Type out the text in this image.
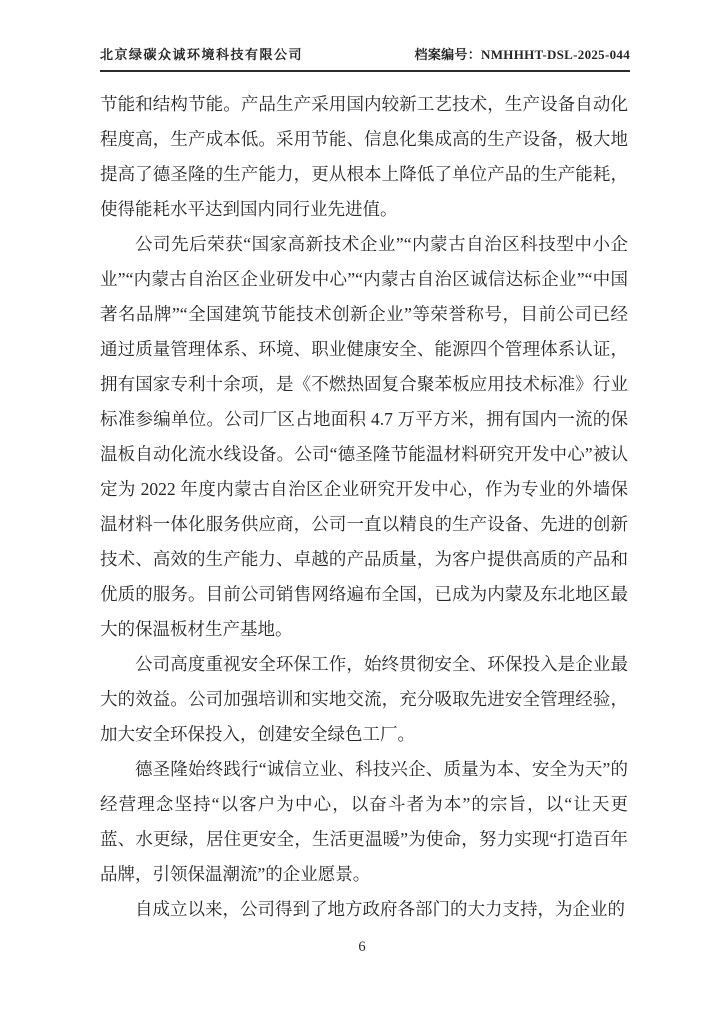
北京绿碳众诚环境科技有限公司	档案编号：NMHHHT-DSL-2025-044

节能和结构节能。产品生产采用国内较新工艺技术，生产设备自动化程度高，生产成本低。采用节能、信息化集成高的生产设备，极大地提高了德圣隆的生产能力，更从根本上降低了单位产品的生产能耗，使得能耗水平达到国内同行业先进值。

公司先后荣获“国家高新技术企业”“内蒙古自治区科技型中小企业”“内蒙古自治区企业研发中心”“内蒙古自治区诚信达标企业”“中国著名品牌”“全国建筑节能技术创新企业”等荣誉称号，目前公司已经通过质量管理体系、环境、职业健康安全、能源四个管理体系认证，拥有国家专利十余项，是《不燃热固复合聚苯板应用技术标准》行业标准参编单位。公司厂区占地面积 4.7 万平方米，拥有国内一流的保温板自动化流水线设备。公司“德圣隆节能温材料研究开发中心”被认定为 2022 年度内蒙古自治区企业研究开发中心，作为专业的外墙保温材料一体化服务供应商，公司一直以精良的生产设备、先进的创新技术、高效的生产能力、卓越的产品质量，为客户提供高质的产品和优质的服务。目前公司销售网络遍布全国，已成为内蒙及东北地区最大的保温板材生产基地。

公司高度重视安全环保工作，始终贯彻安全、环保投入是企业最大的效益。公司加强培训和实地交流，充分吸取先进安全管理经验，加大安全环保投入，创建安全绿色工厂。

德圣隆始终践行“诚信立业、科技兴企、质量为本、安全为天”的经营理念坚持“以客户为中心，以奋斗者为本”的宗旨，以“让天更蓝、水更绿，居住更安全，生活更温暖”为使命，努力实现“打造百年品牌，引领保温潮流”的企业愿景。

自成立以来，公司得到了地方政府各部门的大力支持，为企业的

6
